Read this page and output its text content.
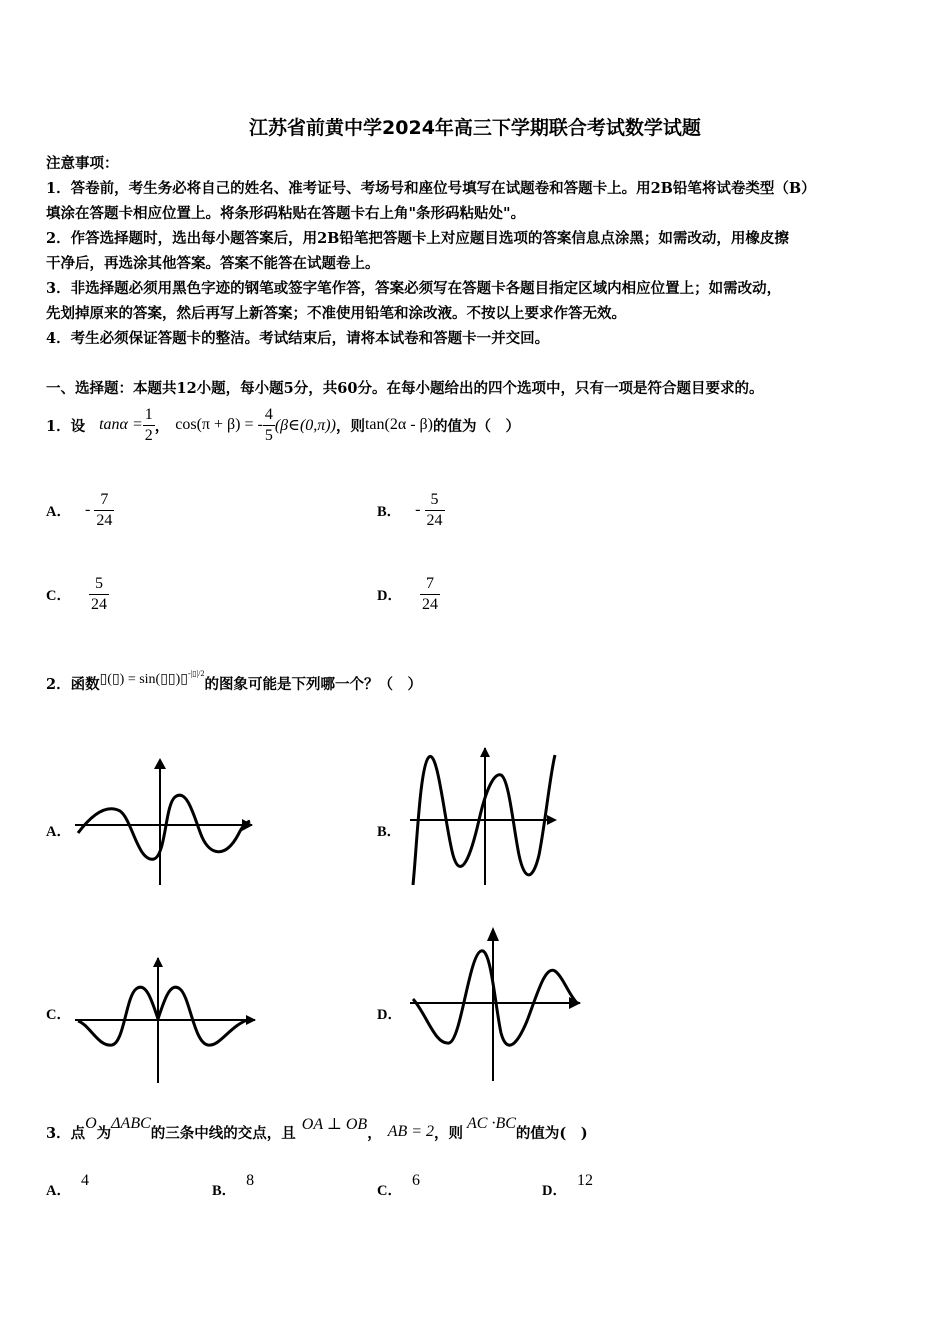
江苏省前黄中学2024年高三下学期联合考试数学试题
注意事项：
1．答卷前，考生务必将自己的姓名、准考证号、考场号和座位号填写在试题卷和答题卡上。用2B铅笔将试卷类型（B）
填涂在答题卡相应位置上。将条形码粘贴在答题卡右上角"条形码粘贴处"。
2．作答选择题时，选出每小题答案后，用2B铅笔把答题卡上对应题目选项的答案信息点涂黑；如需改动，用橡皮擦
干净后，再选涂其他答案。答案不能答在试题卷上。
3．非选择题必须用黑色字迹的钢笔或签字笔作答，答案必须写在答题卡各题目指定区域内相应位置上；如需改动，
先划掉原来的答案，然后再写上新答案；不准使用铅笔和涂改液。不按以上要求作答无效。
4．考生必须保证答题卡的整洁。考试结束后，请将本试卷和答题卡一并交回。
一、选择题：本题共12小题，每小题5分，共60分。在每小题给出的四个选项中，只有一项是符合题目要求的。
1．设 $\tan\alpha = \frac{1}{2}$ ， cos(π + β) = - $\frac{4}{5}$ (β∈(0,π)) ，则 tan(2α - β) 的值为（　）
A． - $\frac{7}{24}$	B． - $\frac{5}{24}$
C． $\frac{5}{24}$	D． $\frac{7}{24}$
2．函数 ▯(▯) = sin(▯▯)▯ -|▯|/2
的图象可能是下列哪一个？（　）
A．	B．
C．	D．
3．点
O
为
ΔABC
的三条中线的交点，且 OA ⊥ OB ， AB = 2 ，则
AC ·BC
的值为(　)
A．
4
B．
8
C．
6
D．
12
